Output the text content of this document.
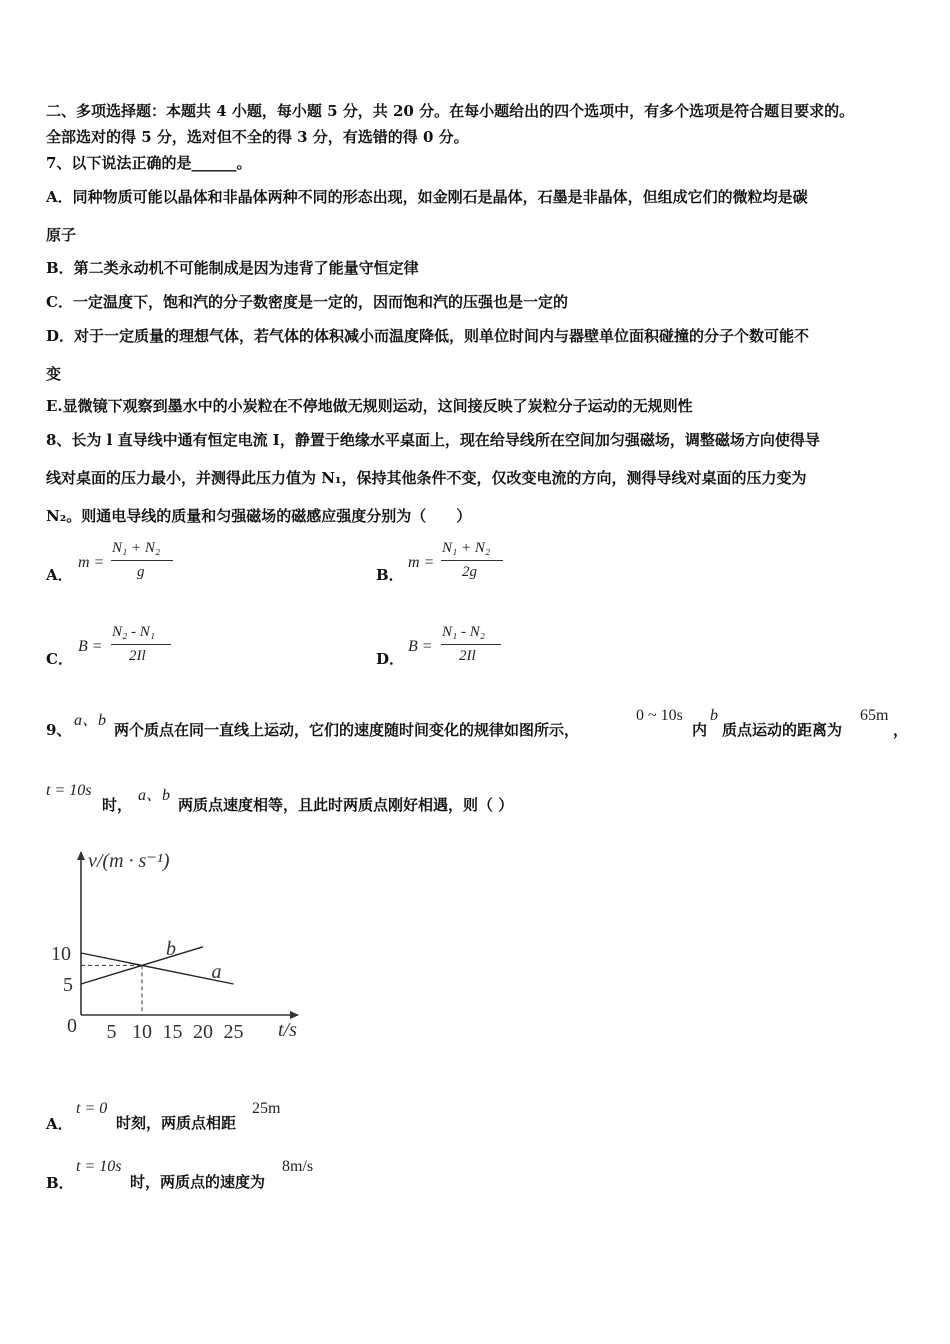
二、多项选择题：本题共 4 小题，每小题 5 分，共 20 分。在每小题给出的四个选项中，有多个选项是符合题目要求的。
全部选对的得 5 分，选对但不全的得 3 分，有选错的得 0 分。
7、以下说法正确的是______。
A．同种物质可能以晶体和非晶体两种不同的形态出现，如金刚石是晶体，石墨是非晶体，但组成它们的微粒均是碳
原子
B．第二类永动机不可能制成是因为违背了能量守恒定律
C．一定温度下，饱和汽的分子数密度是一定的，因而饱和汽的压强也是一定的
D．对于一定质量的理想气体，若气体的体积减小而温度降低，则单位时间内与器壁单位面积碰撞的分子个数可能不
变
E.显微镜下观察到墨水中的小炭粒在不停地做无规则运动，这间接反映了炭粒分子运动的无规则性
8、长为 l 直导线中通有恒定电流 I，静置于绝缘水平桌面上，现在给导线所在空间加匀强磁场，调整磁场方向使得导
线对桌面的压力最小，并测得此压力值为 N₁，保持其他条件不变，仅改变电流的方向，测得导线对桌面的压力变为
N₂。则通电导线的质量和匀强磁场的磁感应强度分别为（　　）
A．
m =
N₁ + N₂
g	B．
m =
N₁ + N₂
2g
C．
B =
N₂ - N₁
2Il	D．
B =
N₁ - N₂
2Il
9、
a、b
两个质点在同一直线上运动，它们的速度随时间变化的规律如图所示，
0 ~ 10s
内
b
质点运动的距离为
65m
，
t = 10s
时，
a、b
两质点速度相等，且此时两质点刚好相遇，则（ ）
a
b
5 10 15 20 25
5
10
v/(m · s⁻¹)
t/s
0
A．
t = 0
时刻，两质点相距
25m
B．
t = 10s
时，两质点的速度为
8m/s
